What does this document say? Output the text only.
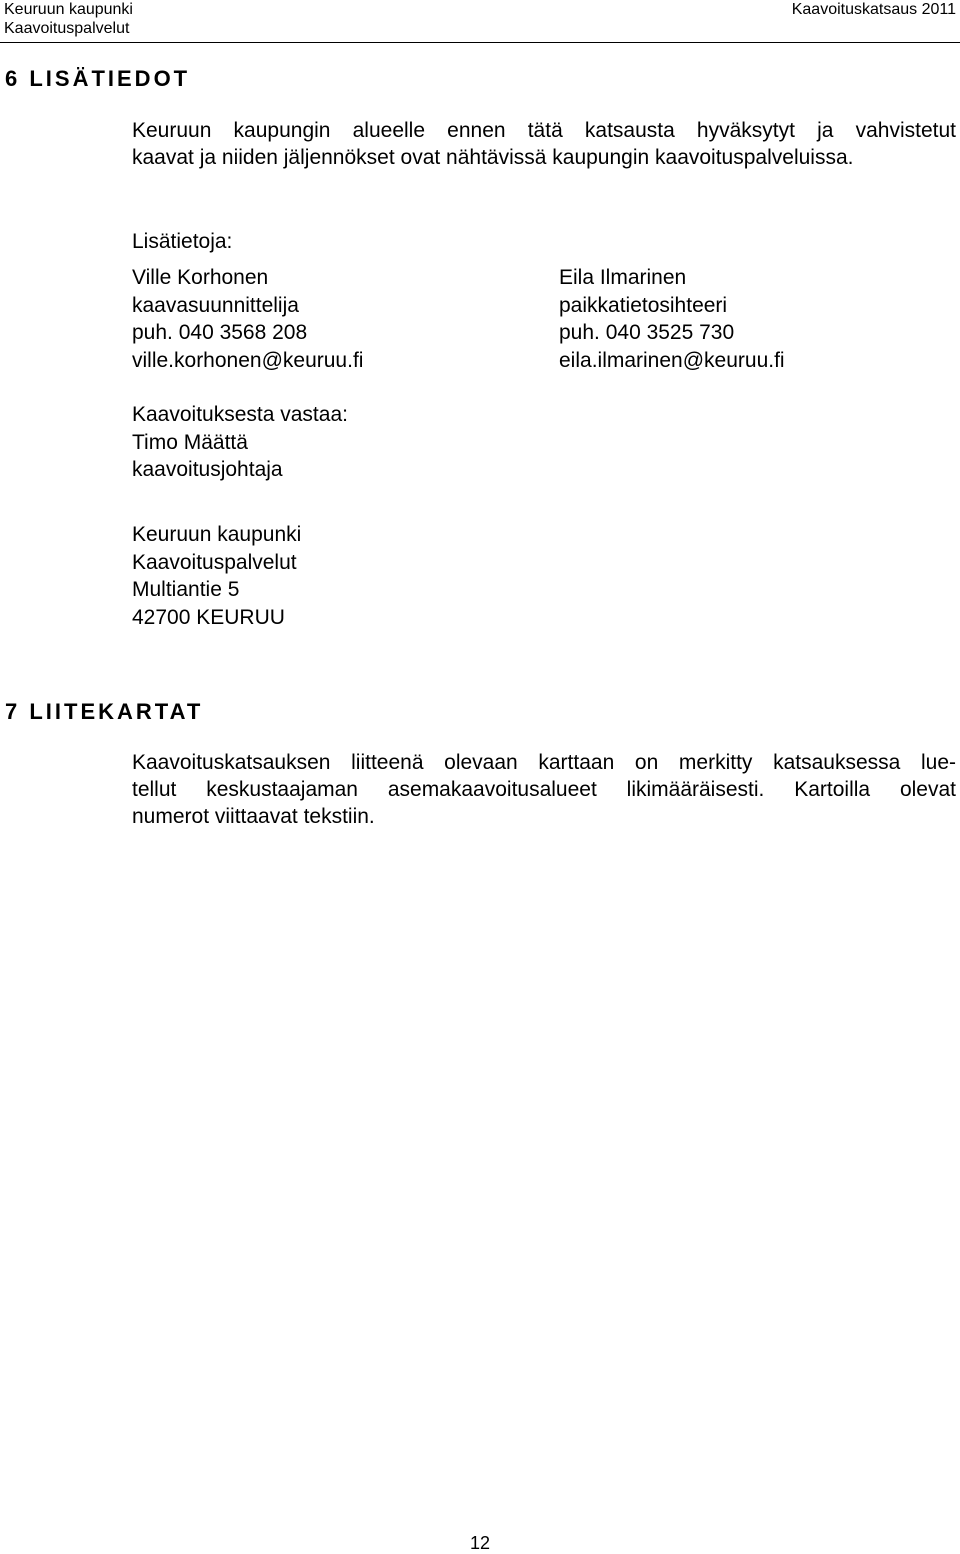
Keuruun kaupunki
Kaavoituspalvelut
Kaavoituskatsaus 2011
6 LISÄTIEDOT
Keuruun kaupungin alueelle ennen tätä katsausta hyväksytyt ja vahvistetut
kaavat ja niiden jäljennökset ovat nähtävissä kaupungin kaavoituspalveluissa.
Lisätietoja:
Ville Korhonen
kaavasuunnittelija
puh. 040 3568 208
ville.korhonen@keuruu.fi
Eila Ilmarinen
paikkatietosihteeri
puh. 040 3525 730
eila.ilmarinen@keuruu.fi
Kaavoituksesta vastaa:
Timo Määttä
kaavoitusjohtaja
Keuruun kaupunki
Kaavoituspalvelut
Multiantie 5
42700 KEURUU
7 LIITEKARTAT
Kaavoituskatsauksen liitteenä olevaan karttaan on merkitty katsauksessa lue-
tellut keskustaajaman asemakaavoitusalueet likimääräisesti. Kartoilla olevat
numerot viittaavat tekstiin.
12
